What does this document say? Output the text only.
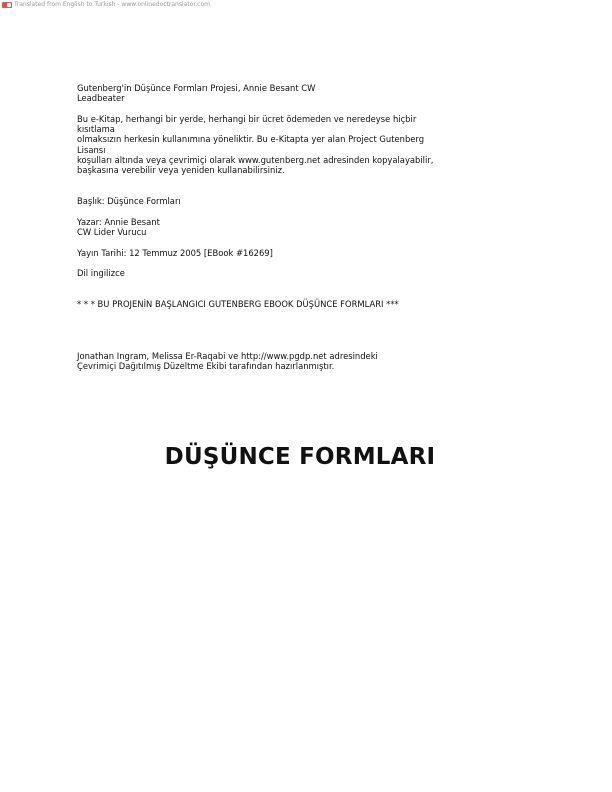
Translated from English to Turkish - www.onlinedoctranslator.com

Gutenberg'in Düşünce Formları Projesi, Annie Besant CW

Leadbeater

Bu e-Kitap, herhangi bir yerde, herhangi bir ücret ödemeden ve neredeyse hiçbir kısıtlama

olmaksızın herkesin kullanımına yöneliktir. Bu e-Kitapta yer alan Project Gutenberg Lisansı

koşulları altında veya çevrimiçi olarak www.gutenberg.net adresinden kopyalayabilir,

başkasına verebilir veya yeniden kullanabilirsiniz.

Başlık: Düşünce Formları

Yazar: Annie Besant

CW Lider Vurucu

Yayın Tarihi: 12 Temmuz 2005 [EBook #16269]

Dil ingilizce

* * * BU PROJENİN BAŞLANGICI GUTENBERG EBOOK DÜŞÜNCE FORMLARI ***

Jonathan Ingram, Melissa Er-Raqabi ve http://www.pgdp.net adresindeki

Çevrimiçi Dağıtılmış Düzeltme Ekibi tarafından hazırlanmıştır.

DÜŞÜNCE FORMLARI
